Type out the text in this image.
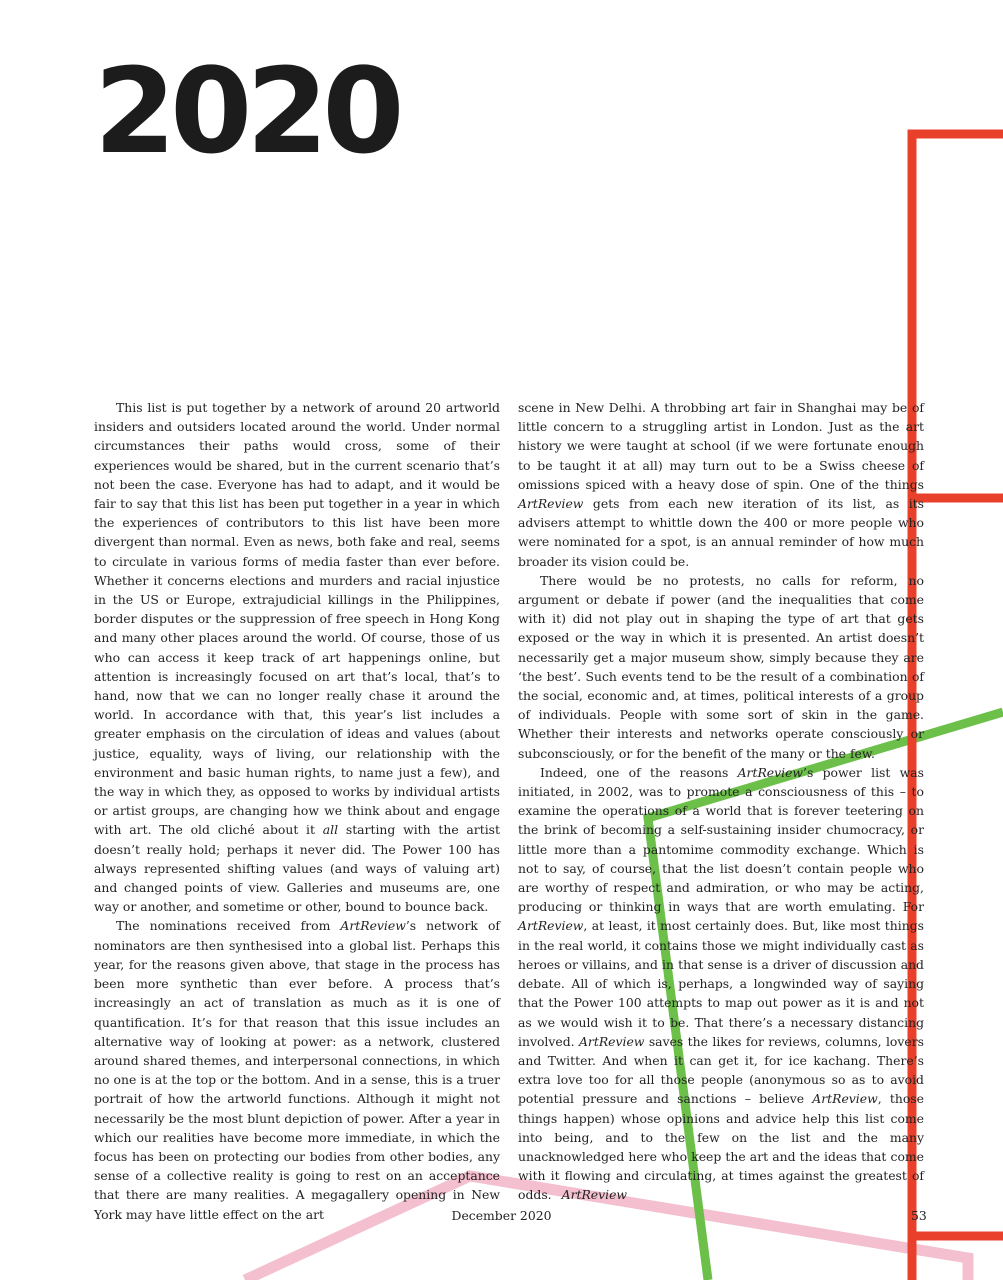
2020

This list is put together by a network of around 20 artworld insiders and outsiders located around the world. Under normal circumstances their paths would cross, some of their experiences would be shared, but in the current scenario that’s not been the case. Everyone has had to adapt, and it would be fair to say that this list has been put together in a year in which the experiences of contributors to this list have been more divergent than normal. Even as news, both fake and real, seems to circulate in various forms of media faster than ever before. Whether it concerns elections and murders and racial injustice in the US or Europe, extrajudicial killings in the Philippines, border disputes or the suppression of free speech in Hong Kong and many other places around the world. Of course, those of us who can access it keep track of art happenings online, but attention is increasingly focused on art that’s local, that’s to hand, now that we can no longer really chase it around the world. In accordance with that, this year’s list includes a greater emphasis on the circulation of ideas and values (about justice, equality, ways of living, our relationship with the environment and basic human rights, to name just a few), and the way in which they, as opposed to works by individual artists or artist groups, are changing how we think about and engage with art. The old cliché about it all starting with the artist doesn’t really hold; perhaps it never did. The Power 100 has always represented shifting values (and ways of valuing art) and changed points of view. Galleries and museums are, one way or another, and sometime or other, bound to bounce back.

The nominations received from ArtReview’s network of nominators are then synthesised into a global list. Perhaps this year, for the reasons given above, that stage in the process has been more synthetic than ever before. A process that’s increasingly an act of translation as much as it is one of quantification. It’s for that reason that this issue includes an alternative way of looking at power: as a network, clustered around shared themes, and interpersonal connections, in which no one is at the top or the bottom. And in a sense, this is a truer portrait of how the artworld functions. Although it might not necessarily be the most blunt depiction of power. After a year in which our realities have become more immediate, in which the focus has been on protecting our bodies from other bodies, any sense of a collective reality is going to rest on an acceptance that there are many realities. A megagallery opening in New York may have little effect on the art

scene in New Delhi. A throbbing art fair in Shanghai may be of little concern to a struggling artist in London. Just as the art history we were taught at school (if we were fortunate enough to be taught it at all) may turn out to be a Swiss cheese of omissions spiced with a heavy dose of spin. One of the things ArtReview gets from each new iteration of its list, as its advisers attempt to whittle down the 400 or more people who were nominated for a spot, is an annual reminder of how much broader its vision could be.

There would be no protests, no calls for reform, no argument or debate if power (and the inequalities that come with it) did not play out in shaping the type of art that gets exposed or the way in which it is presented. An artist doesn’t necessarily get a major museum show, simply because they are ‘the best’. Such events tend to be the result of a combination of the social, economic and, at times, political interests of a group of individuals. People with some sort of skin in the game. Whether their interests and networks operate consciously or subconsciously, or for the benefit of the many or the few.

Indeed, one of the reasons ArtReview’s power list was initiated, in 2002, was to promote a consciousness of this – to examine the operations of a world that is forever teetering on the brink of becoming a self-sustaining insider chumocracy, or little more than a pantomime commodity exchange. Which is not to say, of course, that the list doesn’t contain people who are worthy of respect and admiration, or who may be acting, producing or thinking in ways that are worth emulating. For ArtReview, at least, it most certainly does. But, like most things in the real world, it contains those we might individually cast as heroes or villains, and in that sense is a driver of discussion and debate. All of which is, perhaps, a longwinded way of saying that the Power 100 attempts to map out power as it is and not as we would wish it to be. That there’s a necessary distancing involved. ArtReview saves the likes for reviews, columns, lovers and Twitter. And when it can get it, for ice kachang. There’s extra love too for all those people (anonymous so as to avoid potential pressure and sanctions – believe ArtReview, those things happen) whose opinions and advice help this list come into being, and to the few on the list and the many unacknowledged here who keep the art and the ideas that come with it flowing and circulating, at times against the greatest of odds. ArtReview

December 2020	53
